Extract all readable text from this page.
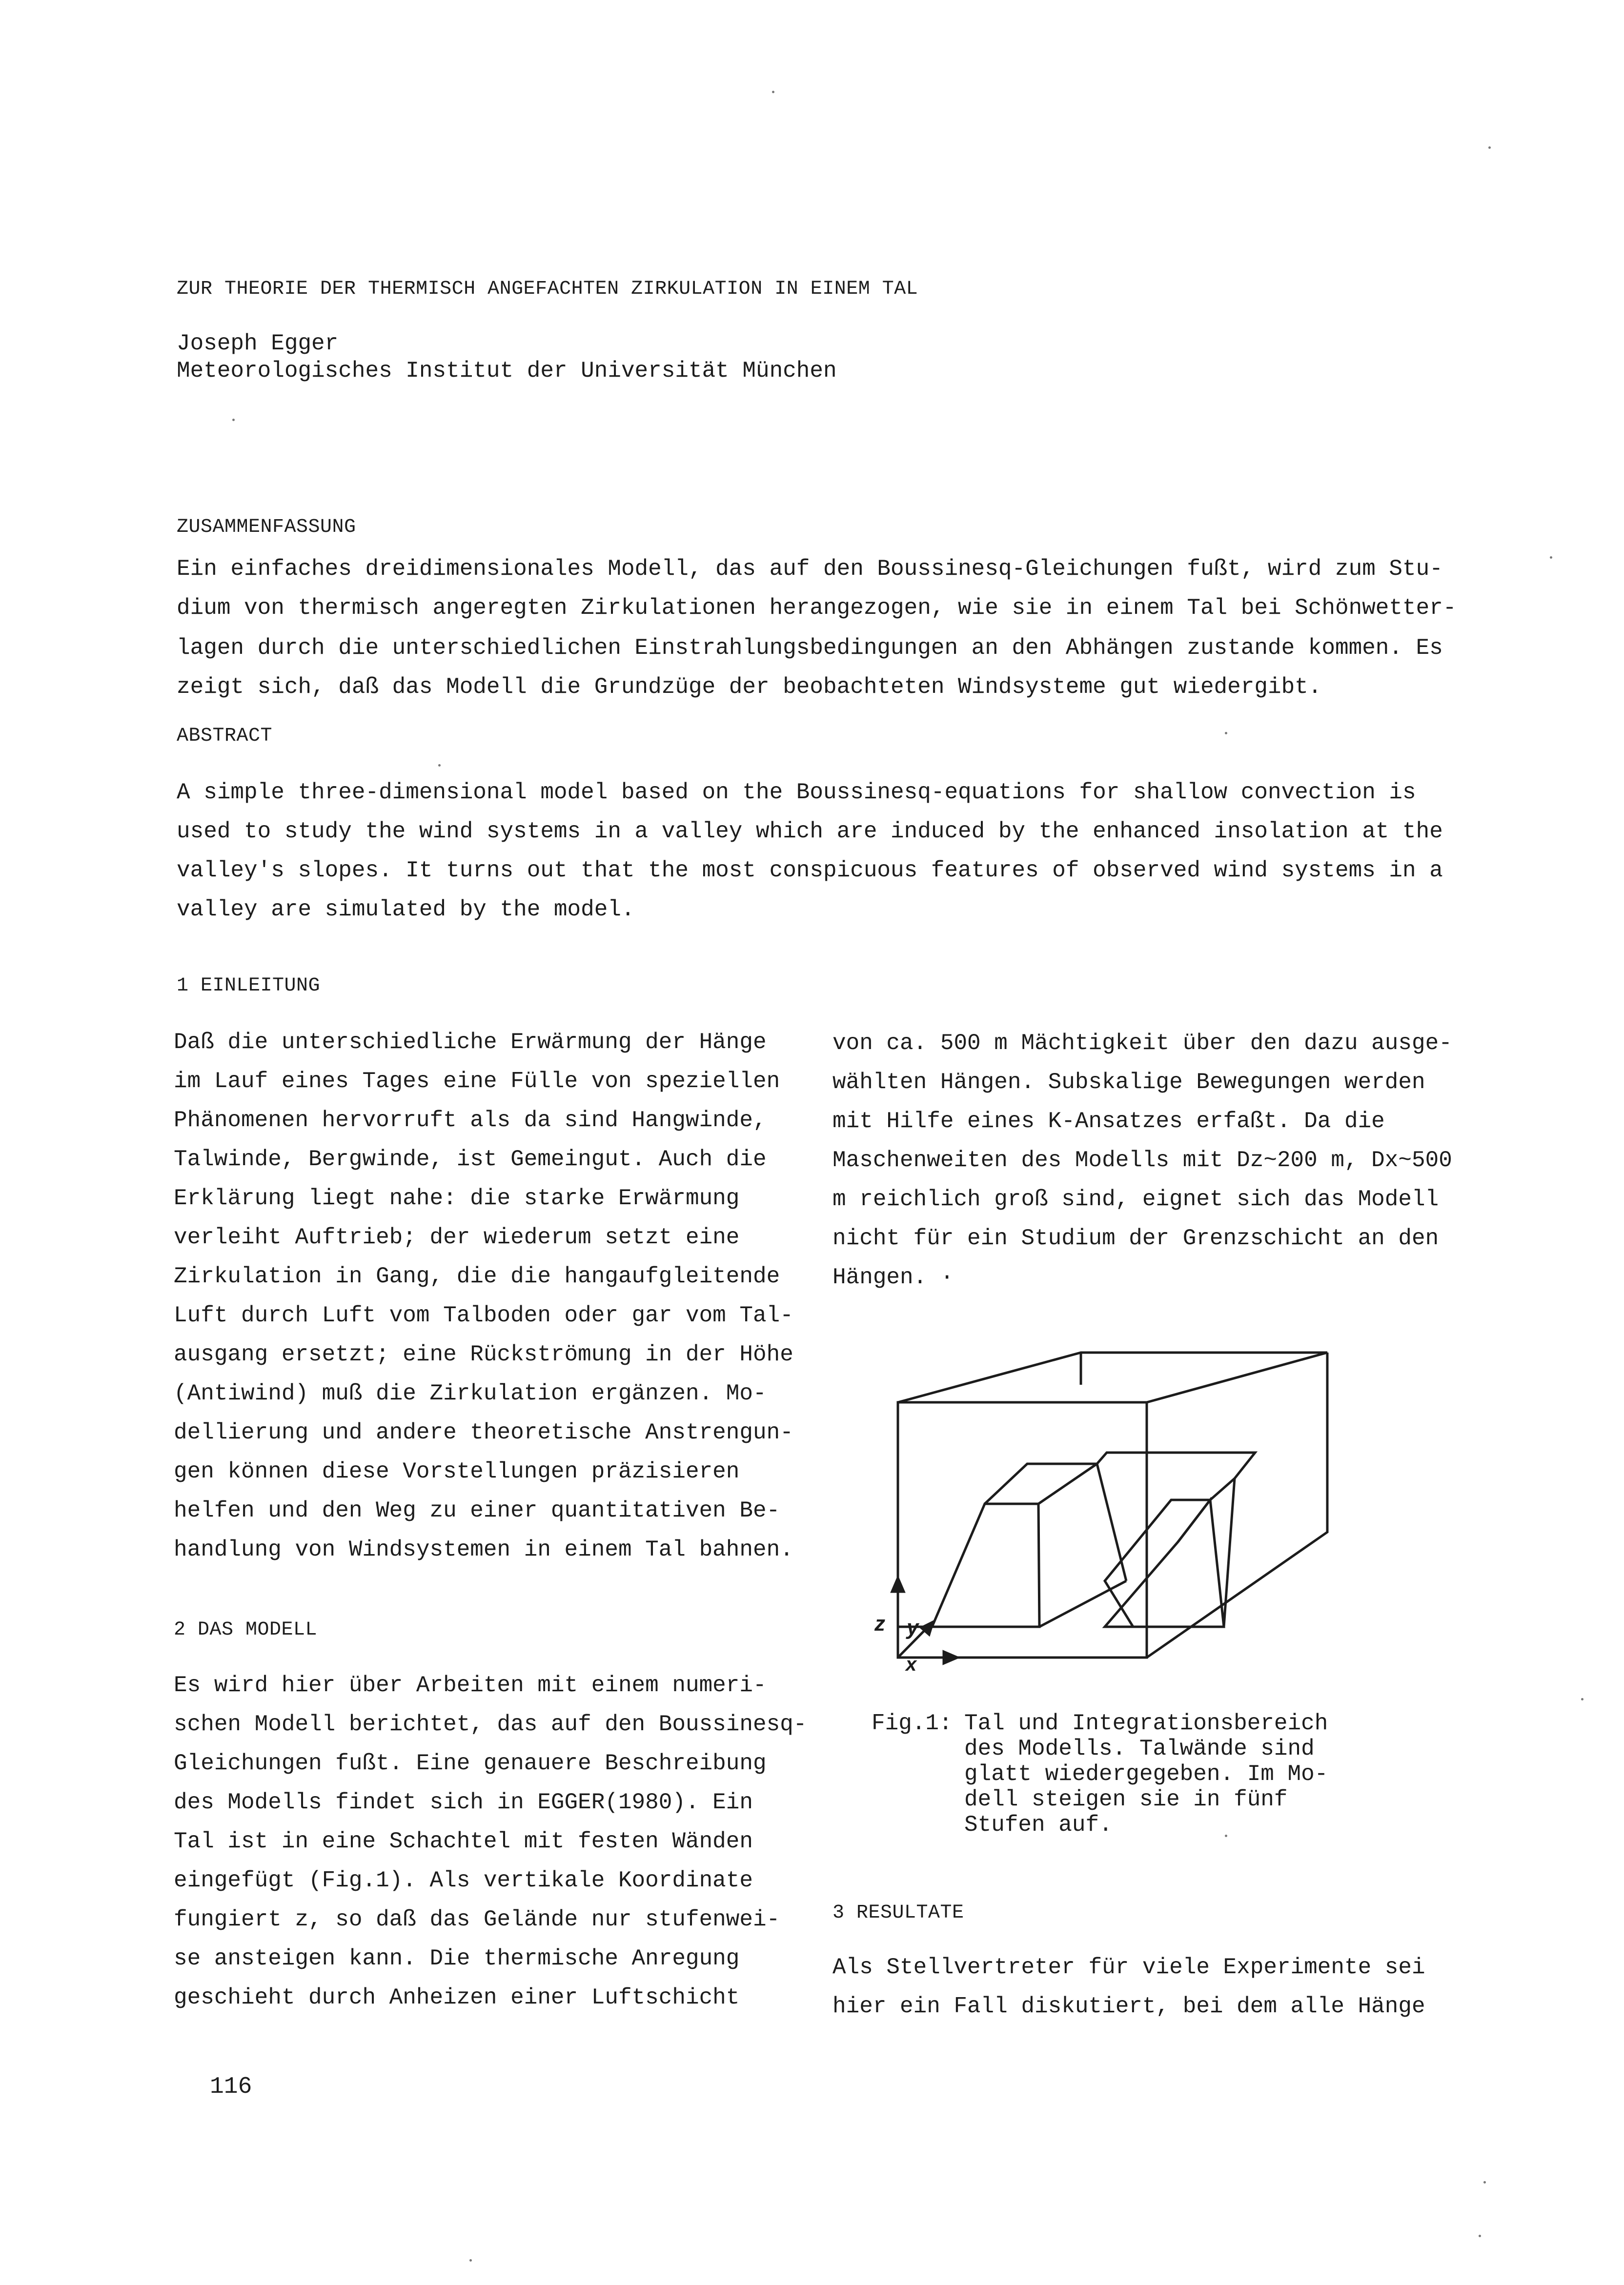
ZUR THEORIE DER THERMISCH ANGEFACHTEN ZIRKULATION IN EINEM TAL
Joseph Egger
Meteorologisches Institut der Universität München
ZUSAMMENFASSUNG
Ein einfaches dreidimensionales Modell, das auf den Boussinesq-Gleichungen fußt, wird zum Stu-
dium von thermisch angeregten Zirkulationen herangezogen, wie sie in einem Tal bei Schönwetter-
lagen durch die unterschiedlichen Einstrahlungsbedingungen an den Abhängen zustande kommen. Es
zeigt sich, daß das Modell die Grundzüge der beobachteten Windsysteme gut wiedergibt.
ABSTRACT
A simple three-dimensional model based on the Boussinesq-equations for shallow convection is
used to study the wind systems in a valley which are induced by the enhanced insolation at the
valley's slopes. It turns out that the most conspicuous features of observed wind systems in a
valley are simulated by the model.
1 EINLEITUNG
Daß die unterschiedliche Erwärmung der Hänge
im Lauf eines Tages eine Fülle von speziellen
Phänomenen hervorruft als da sind Hangwinde,
Talwinde, Bergwinde, ist Gemeingut. Auch die
Erklärung liegt nahe: die starke Erwärmung
verleiht Auftrieb; der wiederum setzt eine
Zirkulation in Gang, die die hangaufgleitende
Luft durch Luft vom Talboden oder gar vom Tal-
ausgang ersetzt; eine Rückströmung in der Höhe
(Antiwind) muß die Zirkulation ergänzen. Mo-
dellierung und andere theoretische Anstrengun-
gen können diese Vorstellungen präzisieren
helfen und den Weg zu einer quantitativen Be-
handlung von Windsystemen in einem Tal bahnen.
2 DAS MODELL
Es wird hier über Arbeiten mit einem numeri-
schen Modell berichtet, das auf den Boussinesq-
Gleichungen fußt. Eine genauere Beschreibung
des Modells findet sich in EGGER(1980). Ein
Tal ist in eine Schachtel mit festen Wänden
eingefügt (Fig.1). Als vertikale Koordinate
fungiert z, so daß das Gelände nur stufenwei-
se ansteigen kann. Die thermische Anregung
geschieht durch Anheizen einer Luftschicht
von ca. 500 m Mächtigkeit über den dazu ausge-
wählten Hängen. Subskalige Bewegungen werden
mit Hilfe eines K-Ansatzes erfaßt. Da die
Maschenweiten des Modells mit Dz~200 m, Dx~500
m reichlich groß sind, eignet sich das Modell
nicht für ein Studium der Grenzschicht an den
Hängen. ·
z y
x
Fig.1: Tal und Integrationsbereich
des Modells. Talwände sind
glatt wiedergegeben. Im Mo-
dell steigen sie in fünf
Stufen auf.
3 RESULTATE
Als Stellvertreter für viele Experimente sei
hier ein Fall diskutiert, bei dem alle Hänge
116
